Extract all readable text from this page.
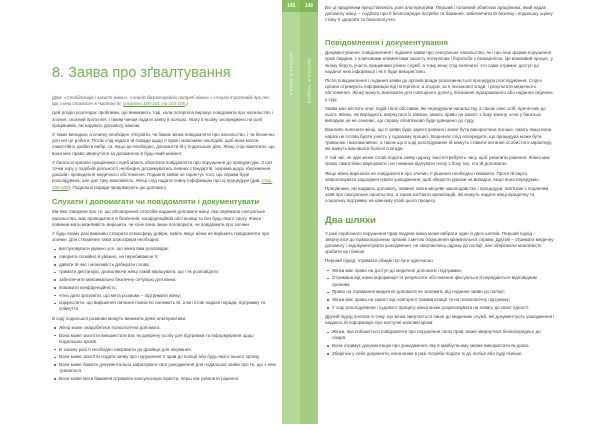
8. Заява про зґвалтування

(Див. «Стабілізація і захист жінки», «Аналіз безпосередніх потреб жінки» і «Аналіз її розповіді про те, що з нею сталося» в Частині ІІІ, сторінки 100-101 та 103-105.)

Цей розділ розглядає проблеми, що виникають тоді, коли потерпіла вирішує повідомити про насильство і злочин, скоєний проти неї, і таким чином подати заяву в поліцію. Увагу в ньому зосереджено на ролі працівників, які надають допомогу жінкам.

У таких випадках спочатку необхідно з'ясувати, чи бажає жінка повідомляти про насильство, і чи безпечно для неї це робити. Потім слід надати їй поради щодо її прав і можливих наслідків, щоб вона могла самостійно зробити вибір, та, якщо це необхідно, допомогти їй у подальших діях. Жінці слід пам'ятати, що вона має право звернутися за допомогою в будь-який момент.

У багатьох країнах працівники служб мають обов'язок повідомляти про порушення до прокуратури. З цієї точки зору у подібній діяльності необхідно дотримуватись певних стандартів, зокрема щодо збереження доказів і проведення медичного обстеження. Подання заяви не гарантує того, що справа буде розслідувана, але дає таку можливість. Жінці слід надати повну інформацію про ці процедури (див. стор. 100-105). Подальші поради продовжують цю допомогу.

Слухати і допомагати чи повідомляти і документувати

Ми вже говорили про те, що обговорення способів надання допомоги жінці, яка пережила сексуальне насильство, має проводитися в безпечній, конфіденційній обстановці та без будь-якого тиску. Жінка повинна мати можливість вирішити, чи хоче вона лише поговорити, чи повідомити про злочин.

У будь-якому разі важливо створити атмосферу довіри, навіть якщо жінка не вирішить повідомляти про злочин. Для створення такої атмосфери необхідно:

вислуховувати уважно усе, що жінка вам розповідає;
говорити спокійно й уважно, не перебиваючи її;
давати їй час і можливість добирати слова;
тримати дистанцію, дозволяючи жінці самій вирішувати, що і як розповідати;
забезпечити максимально безпечну ситуацію для жінки;
поважати конфіденційність;
чітко дати зрозуміти, що мета розмови – підтримати жінку;
підкреслити, що вирішення питання повністю належить їй, а ви готові надати поради, підтримку та співчуття.

В ході подальшої розмови можуть виникати деякі альтернативи:

Жінці може знадобитися психологічна допомога.
Вона може захотіти використати вас як довірену особу для підтримки та інформування щодо подальших кроків.
В такому разі її необхідно направити до фахівця для лікування.
Вона може захотіти подати заяву про порушення її прав до поліції або будь-якого іншого органу.
Вона може бажати документально зафіксувати свої ушкодження для подальшої заяви про те, що з нею трапилося.
Вона може мати бажання отримати консультацію юриста, перш ніж ухвалити рішення.
145
ЧАСТИНА III. ГЛАВА 8
146
ЧАСТИНА III. РОЗДІЛ 8

Всі ці працівники представляють різні альтернативи. Перший і головний обов'язок працівника, який надає допомогу жінці, – подбати про її безпосередні потреби та бажання, забезпечити їй безпеку і подальшу оцінку стану її здоров'я та благополуччя.

Повідомлення і документування

Документування, повідомлення і подання заяви про сексуальне насильство, як і про інші форми порушення прав людини, є ключовими елементами захисту потерпілих і боротьби з безкарністю. Це важливий процес, у якому беруть участь працівники різних служб, а тому жінці слід пояснити, хто саме отримає доступ до наданої нею інформації і як її буде використано.

Після повідомлення і подання заяви до органів влади розпочинається процедура розслідування. Слідчі органи отримують інформацію від потерпілої, а згодом, за її письмової згоди, і результати медичного обстеження. Жінку можуть викликати для повторного допиту, впізнання підозрюваного або надання свідчень у суді.

Заява має містити опис подій і всіх обставин, які передували насильству, а також опис осіб, причетних до нього. Жінки, які вирішують звернутися із заявою, мають право на захист з боку закону, хоча у багатьох випадках це не означає, що справу обов'язково буде доведено до суду.

Важливо пояснити жінці, що її заява буде зареєстрована і може бути використана пізніше, навіть якщо вона наразі не готова брати участь у судовому процесі. Водночас слід попередити, що процедура може бути тривалою і виснажливою, а також що в ході розслідування їй можуть ставити питання особистого характеру, які можуть викликати болісні спогади.

У той час, як одні жінки готові подати заяву одразу, інші потребують часу, щоб ухвалити рішення. Жінка має право самостійно вирішувати і не повинна відчувати тиску з боку тих, хто їй допомагає.

Якщо жінка вирішила не повідомляти про злочин, її рішення необхідно поважати. Проте їй варто запропонувати задокументувати ушкодження, щоб зберегти докази на випадок, якщо вона передумає.

Працівники, які надають допомогу, повинні знати місцеве законодавство і процедури, пов'язані з поданням заяв про сексуальне насильство, а також контакти організацій, які можуть надати жінці юридичну та соціальну підтримку на кожному етапі цього процесу.

Два шляхи

У разі серйозного порушення прав людини жінка може вибрати один із двох шляхів. Перший підхід – звернутися до правоохоронних органів з метою порушення кримінальної справи. Другий – отримати медичну допомогу і задокументувати ушкодження, не звертаючись одразу до поліції, але зберігаючи можливість зробити це пізніше.

Перший підхід: отримати обидві послуги одночасно.

Жінка має право на доступ до медичної допомоги і підтримки;
Отримана від жінки інформація та результати обстеження фіксуються й передаються відповідним органам;
Право на отримання медичної допомоги не залежить від подання заяви до поліції;
Жінка має право на захист від повторної травматизації та на психологічну підтримку;
У ході розслідування і судового процесу жінка може розраховувати на повагу до своєї гідності.

Другий підхід полягає в тому, що жінка звертається лише до медичних служб, які документують ушкодження і надають їй інформацію про наступні можливі кроки:

Жінка, яка побоюється повідомляти про порушення своїх прав, може звернутися безпосередньо до лікаря.
Вона отримує документацію про ушкодження, яку в майбутньому зможе використати як доказ.
Зберігши у себе документи, вона може в разі потреби подати їх до поліції або суду пізніше.
